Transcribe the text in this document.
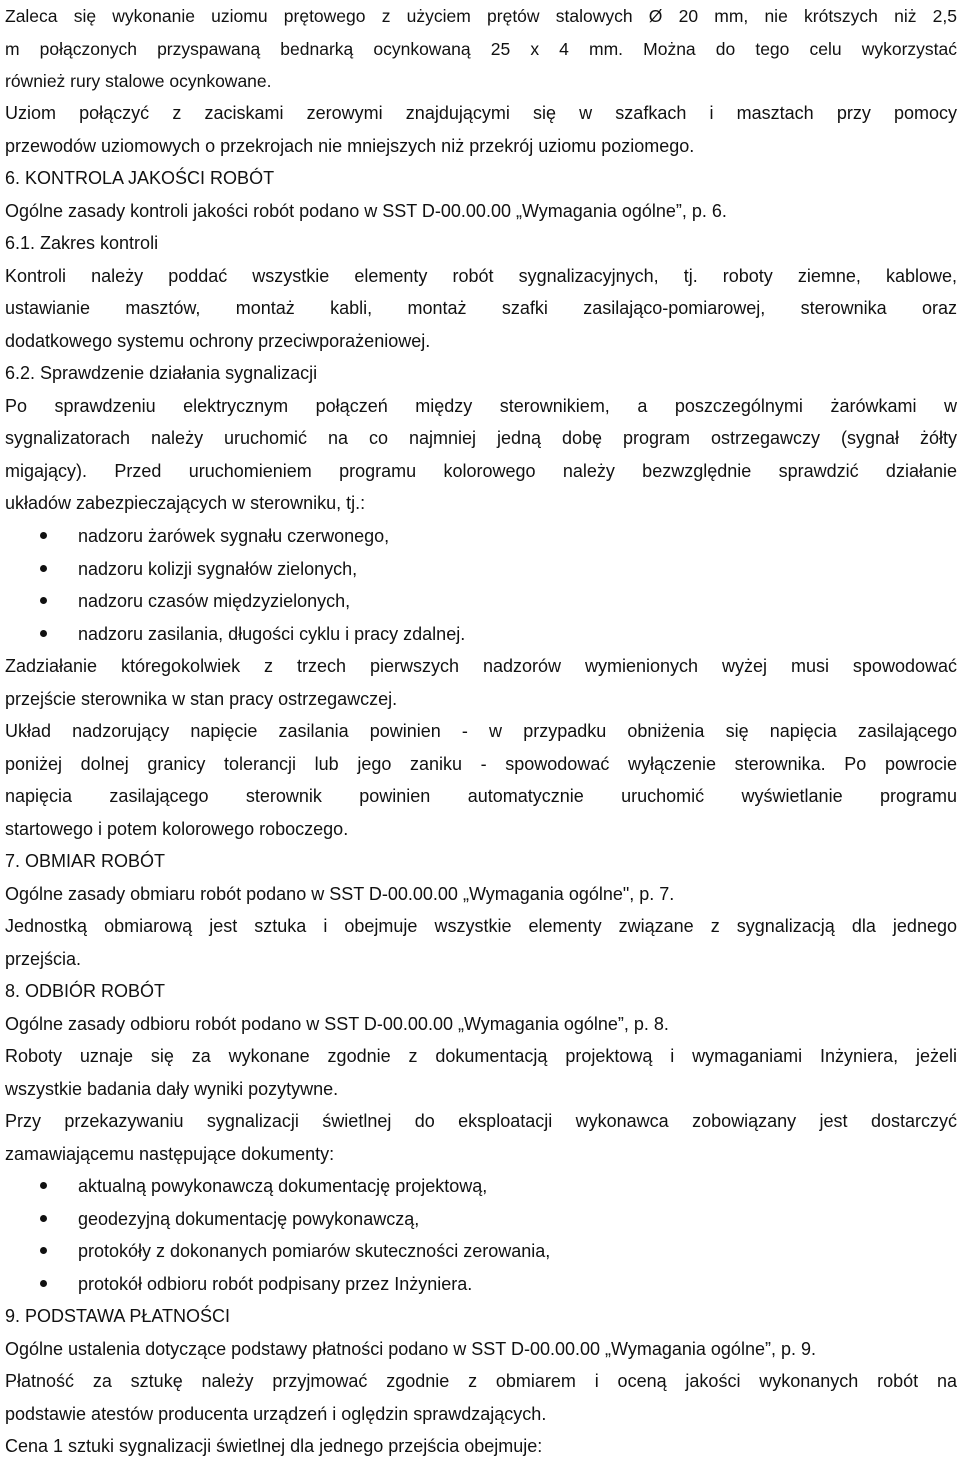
Zaleca się wykonanie uziomu prętowego z użyciem prętów stalowych Ø 20 mm, nie krótszych niż 2,5
m połączonych przyspawaną bednarką ocynkowaną 25 x 4 mm. Można do tego celu wykorzystać
również rury stalowe ocynkowane.
Uziom połączyć z zaciskami zerowymi znajdującymi się w szafkach i masztach przy pomocy
przewodów uziomowych o przekrojach nie mniejszych niż przekrój uziomu poziomego.
6. KONTROLA JAKOŚCI ROBÓT
Ogólne zasady kontroli jakości robót podano w SST D-00.00.00 „Wymagania ogólne”, p. 6.
6.1. Zakres kontroli
Kontroli należy poddać wszystkie elementy robót sygnalizacyjnych, tj. roboty ziemne, kablowe,
ustawianie masztów, montaż kabli, montaż szafki zasilająco-pomiarowej, sterownika oraz
dodatkowego systemu ochrony przeciwporażeniowej.
6.2. Sprawdzenie działania sygnalizacji
Po sprawdzeniu elektrycznym połączeń między sterownikiem, a poszczególnymi żarówkami w
sygnalizatorach należy uruchomić na co najmniej jedną dobę program ostrzegawczy (sygnał żółty
migający). Przed uruchomieniem programu kolorowego należy bezwzględnie sprawdzić działanie
układów zabezpieczających w sterowniku, tj.:
nadzoru żarówek sygnału czerwonego,
nadzoru kolizji sygnałów zielonych,
nadzoru czasów międzyzielonych,
nadzoru zasilania, długości cyklu i pracy zdalnej.
Zadziałanie któregokolwiek z trzech pierwszych nadzorów wymienionych wyżej musi spowodować
przejście sterownika w stan pracy ostrzegawczej.
Układ nadzorujący napięcie zasilania powinien - w przypadku obniżenia się napięcia zasilającego
poniżej dolnej granicy tolerancji lub jego zaniku - spowodować wyłączenie sterownika. Po powrocie
napięcia zasilającego sterownik powinien automatycznie uruchomić wyświetlanie programu
startowego i potem kolorowego roboczego.
7. OBMIAR ROBÓT
Ogólne zasady obmiaru robót podano w SST D-00.00.00 „Wymagania ogólne", p. 7.
Jednostką obmiarową jest sztuka i obejmuje wszystkie elementy związane z sygnalizacją dla jednego
przejścia.
8. ODBIÓR ROBÓT
Ogólne zasady odbioru robót podano w SST D-00.00.00 „Wymagania ogólne”, p. 8.
Roboty uznaje się za wykonane zgodnie z dokumentacją projektową i wymaganiami Inżyniera, jeżeli
wszystkie badania dały wyniki pozytywne.
Przy przekazywaniu sygnalizacji świetlnej do eksploatacji wykonawca zobowiązany jest dostarczyć
zamawiającemu następujące dokumenty:
aktualną powykonawczą dokumentację projektową,
geodezyjną dokumentację powykonawczą,
protokóły z dokonanych pomiarów skuteczności zerowania,
protokół odbioru robót podpisany przez Inżyniera.
9. PODSTAWA PŁATNOŚCI
Ogólne ustalenia dotyczące podstawy płatności podano w SST D-00.00.00 „Wymagania ogólne”, p. 9.
Płatność za sztukę należy przyjmować zgodnie z obmiarem i oceną jakości wykonanych robót na
podstawie atestów producenta urządzeń i oględzin sprawdzających.
Cena 1 sztuki sygnalizacji świetlnej dla jednego przejścia obejmuje:
